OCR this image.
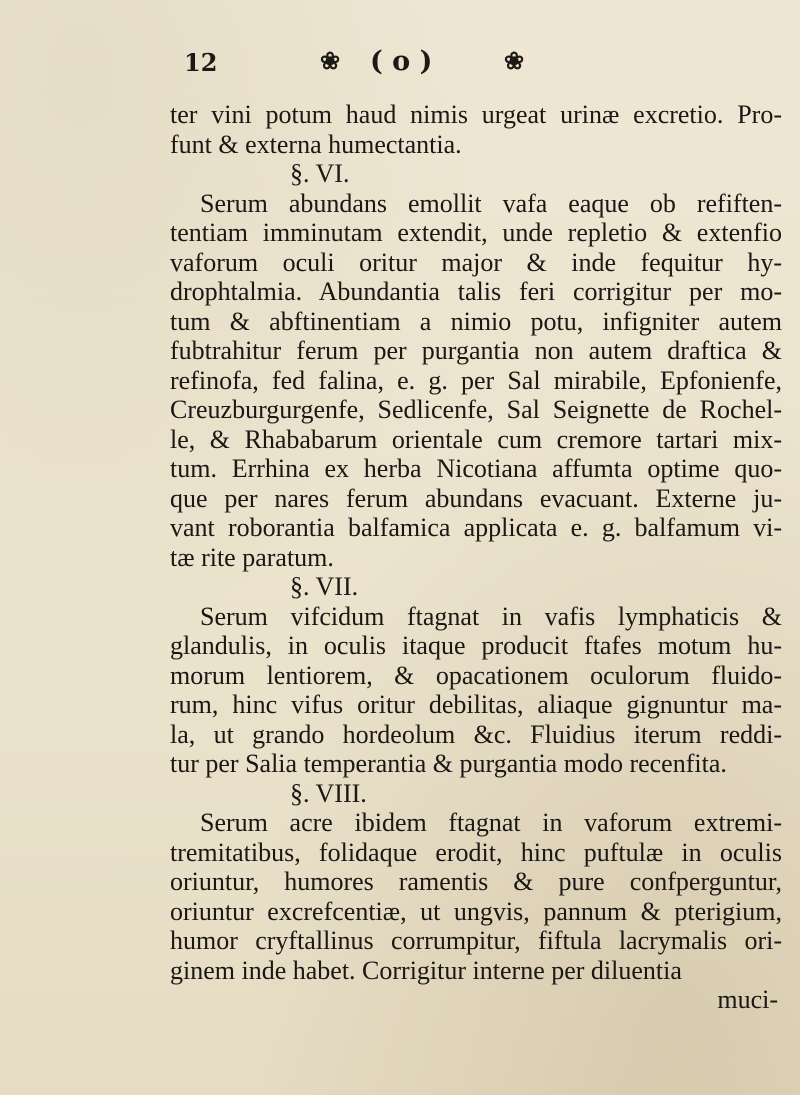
12	❀ ( o )	❀
ter vini potum haud nimis urgeat urinæ excretio. Pro-
funt & externa humectantia.
§. VI.
Serum abundans emollit vafa eaque ob refiften-
tentiam imminutam extendit, unde repletio & extenfio
vaforum oculi oritur major & inde fequitur hy-
drophtalmia. Abundantia talis feri corrigitur per mo-
tum & abftinentiam a nimio potu, infigniter autem
fubtrahitur ferum per purgantia non autem draftica &
refinofa, fed falina, e. g. per Sal mirabile, Epfonienfe,
Creuzburgurgenfe, Sedlicenfe, Sal Seignette de Rochel-
le, & Rhababarum orientale cum cremore tartari mix-
tum. Errhina ex herba Nicotiana affumta optime quo-
que per nares ferum abundans evacuant. Externe ju-
vant roborantia balfamica applicata e. g. balfamum vi-
tæ rite paratum.
§. VII.
Serum vifcidum ftagnat in vafis lymphaticis &
glandulis, in oculis itaque producit ftafes motum hu-
morum lentiorem, & opacationem oculorum fluido-
rum, hinc vifus oritur debilitas, aliaque gignuntur ma-
la, ut grando hordeolum &c. Fluidius iterum reddi-
tur per Salia temperantia & purgantia modo recenfita.
§. VIII.
Serum acre ibidem ftagnat in vaforum extremi-
tremitatibus, folidaque erodit, hinc puftulæ in oculis
oriuntur, humores ramentis & pure confperguntur,
oriuntur excrefcentiæ, ut ungvis, pannum & pterigium,
humor cryftallinus corrumpitur, fiftula lacrymalis ori-
ginem inde habet. Corrigitur interne per diluentia
muci-
